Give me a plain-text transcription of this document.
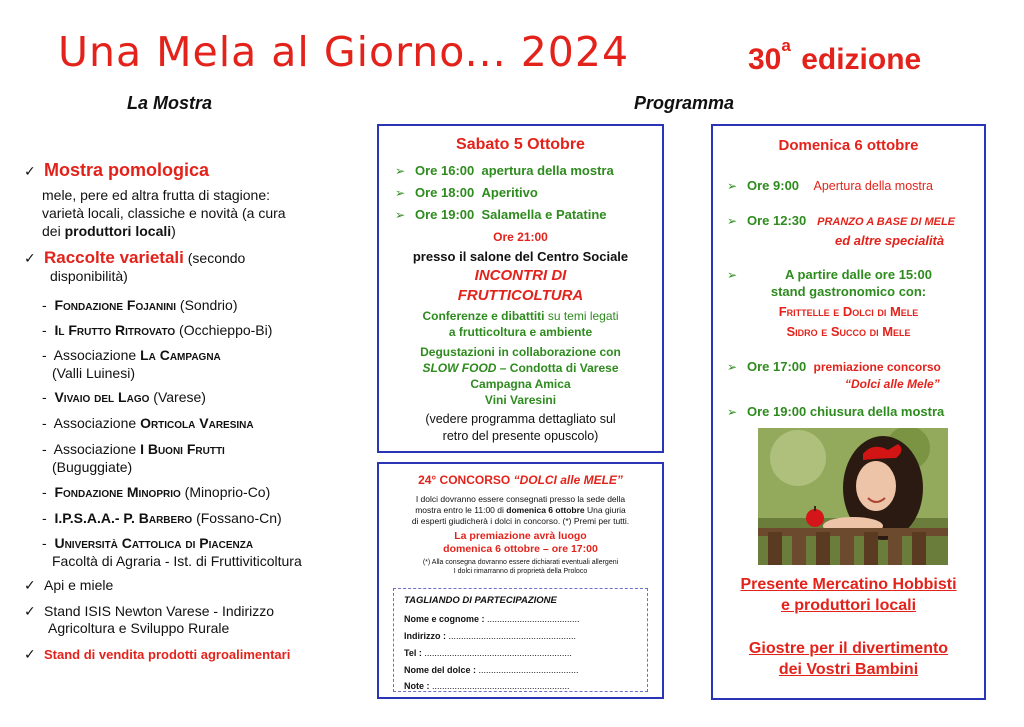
Una Mela al Giorno... 2024	30$^a$ edizione
La Mostra	Programma
✓ Mostra pomologica
mele, pere ed altra frutta di stagione:
varietà locali, classiche e novità (a cura
dei produttori locali)
✓ Raccolte varietali (secondo
disponibilità)
-  Fondazione Fojanini (Sondrio)
-  Il Frutto Ritrovato (Occhieppo-Bi)
-  Associazione La Campagna
(Valli Luinesi)
-  Vivaio del Lago (Varese)
-  Associazione Orticola Varesina
-  Associazione I Buoni Frutti
(Buguggiate)
-  Fondazione Minoprio (Minoprio-Co)
-  I.P.S.A.A.- P. Barbero (Fossano-Cn)
-  Università Cattolica di Piacenza
Facoltà di Agraria - Ist. di Fruttiviticoltura
✓ Api e miele
✓ Stand ISIS Newton Varese - Indirizzo
Agricoltura e Sviluppo Rurale
✓ Stand di vendita prodotti agroalimentari
Sabato 5 Ottobre
➢ Ore 16:00 apertura della mostra
➢ Ore 18:00 Aperitivo
➢ Ore 19:00 Salamella e Patatine
Ore 21:00
presso il salone del Centro Sociale
INCONTRI DI
FRUTTICOLTURA
Conferenze e dibattiti su temi legati
a frutticoltura e ambiente
Degustazioni in collaborazione con
SLOW FOOD – Condotta di Varese
Campagna Amica
Vini Varesini
(vedere programma dettagliato sul
retro del presente opuscolo)
24° CONCORSO “DOLCI alle MELE”
I dolci dovranno essere consegnati presso la sede della
mostra entro le 11:00 di domenica 6 ottobre Una giuria
di esperti giudicherà i dolci in concorso. (*) Premi per tutti.
La premiazione avrà luogo
domenica 6 ottobre – ore 17:00
(*) Alla consegna dovranno essere dichiarati eventuali allergeni
I dolci rimarranno di proprietà della Proloco
TAGLIANDO DI PARTECIPAZIONE
Nome e cognome : .....................................
Indirizzo : ...................................................
Tel : ...........................................................
Nome del dolce : ........................................
Note : .......................................................
Domenica 6 ottobre
➢ Ore 9:00 Apertura della mostra
➢ Ore 12:30 PRANZO A BASE DI MELE
ed altre specialità
➢	A partire dalle ore 15:00
stand gastronomico con:
Frittelle e Dolci di Mele
Sidro e Succo di Mele
➢ Ore 17:00 premiazione concorso
“Dolci alle Mele”
➢ Ore 19:00 chiusura della mostra
Presente Mercatino Hobbisti
e produttori locali
Giostre per il divertimento
dei Vostri Bambini
